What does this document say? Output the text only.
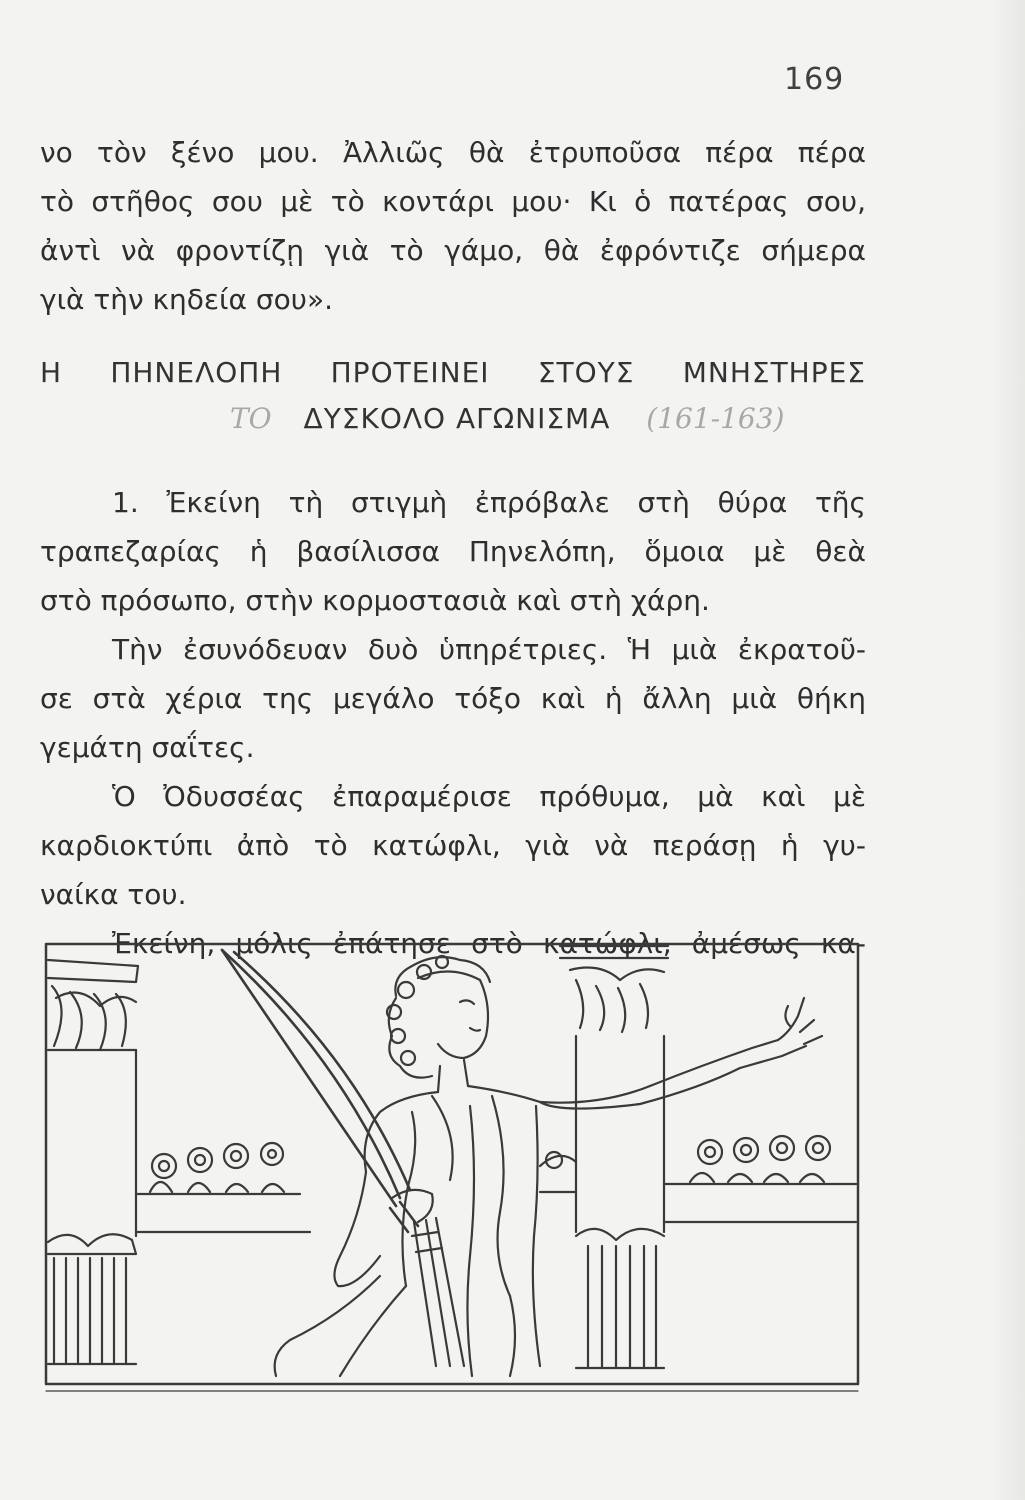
169
νο τὸν ξένο μου. Ἀλλιῶς θὰ ἐτρυποῦσα πέρα πέρα
τὸ στῆθος σου μὲ τὸ κοντάρι μου· Κι ὁ πατέρας σου,
ἀντὶ νὰ φροντίζῃ γιὰ τὸ γάμο, θὰ ἐφρόντιζε σήμερα
γιὰ τὴν κηδεία σου».
Η ΠΗΝΕΛΟΠΗ ΠΡΟΤΕΙΝΕΙ ΣΤΟΥΣ ΜΝΗΣΤΗΡΕΣ
ΤΟ ΔΥΣΚΟΛΟ ΑΓΩΝΙΣΜΑ (161-163)
1. Ἐκείνη τὴ στιγμὴ ἐπρόβαλε στὴ θύρα τῆς
τραπεζαρίας ἡ βασίλισσα Πηνελόπη, ὅμοια μὲ θεὰ
στὸ πρόσωπο, στὴν κορμοστασιὰ καὶ στὴ χάρη.
Τὴν ἐσυνόδευαν δυὸ ὑπηρέτριες. Ἡ μιὰ ἐκρατοῦ-
σε στὰ χέρια της μεγάλο τόξο καὶ ἡ ἄλλη μιὰ θήκη
γεμάτη σαΐτες.
Ὁ Ὀδυσσέας ἐπαραμέρισε πρόθυμα, μὰ καὶ μὲ
καρδιοκτύπι ἀπὸ τὸ κατώφλι, γιὰ νὰ περάσῃ ἡ γυ-
ναίκα του.
Ἐκείνη, μόλις ἐπάτησε στὸ κατώφλι, ἀμέσως κα-
